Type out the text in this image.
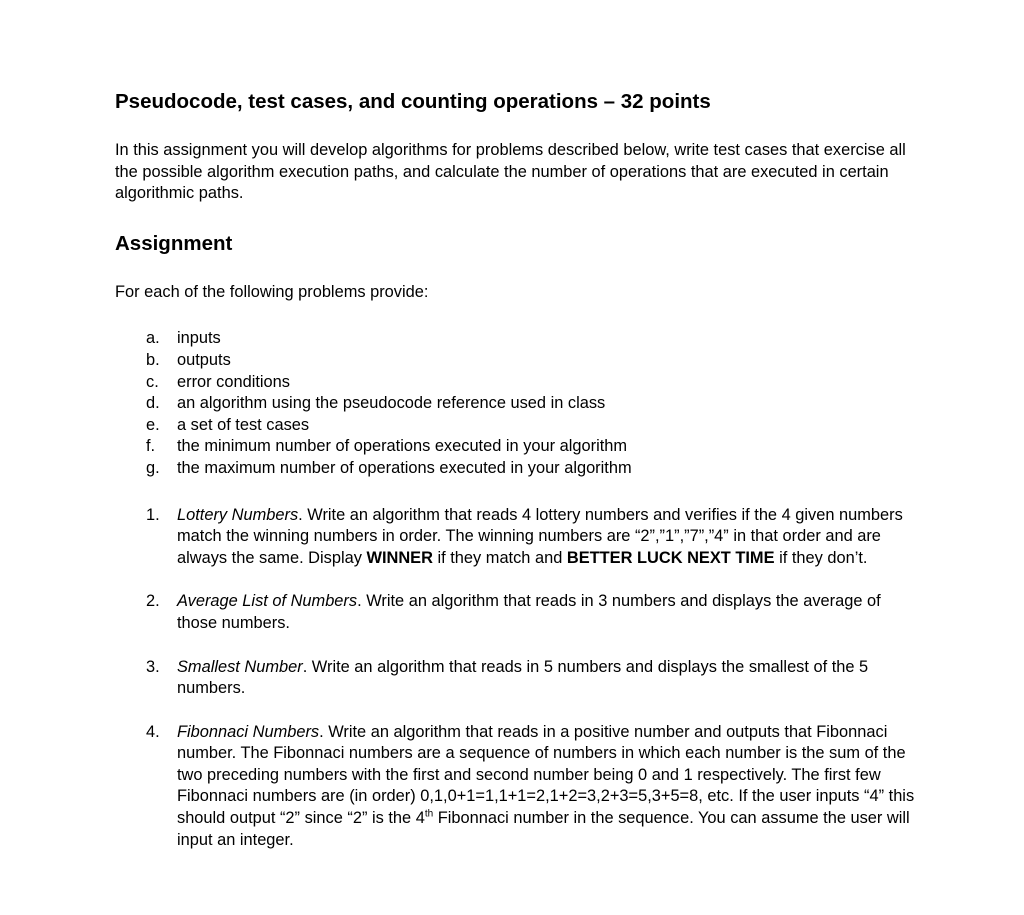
Pseudocode, test cases, and counting operations – 32 points

In this assignment you will develop algorithms for problems described below, write test cases that exercise all the possible algorithm execution paths, and calculate the number of operations that are executed in certain algorithmic paths.

Assignment

For each of the following problems provide:

a. inputs
b. outputs
c. error conditions
d. an algorithm using the pseudocode reference used in class
e. a set of test cases
f. the minimum number of operations executed in your algorithm
g. the maximum number of operations executed in your algorithm
1. Lottery Numbers. Write an algorithm that reads 4 lottery numbers and verifies if the 4 given numbers match the winning numbers in order. The winning numbers are “2”,”1”,”7”,”4” in that order and are always the same. Display WINNER if they match and BETTER LUCK NEXT TIME if they don’t.
2. Average List of Numbers. Write an algorithm that reads in 3 numbers and displays the average of those numbers.
3. Smallest Number. Write an algorithm that reads in 5 numbers and displays the smallest of the 5 numbers.
4. Fibonnaci Numbers. Write an algorithm that reads in a positive number and outputs that Fibonnaci number. The Fibonnaci numbers are a sequence of numbers in which each number is the sum of the two preceding numbers with the first and second number being 0 and 1 respectively. The first few Fibonnaci numbers are (in order) 0,1,0+1=1,1+1=2,1+2=3,2+3=5,3+5=8, etc. If the user inputs “4” this should output “2” since “2” is the 4th Fibonnaci number in the sequence. You can assume the user will input an integer.
